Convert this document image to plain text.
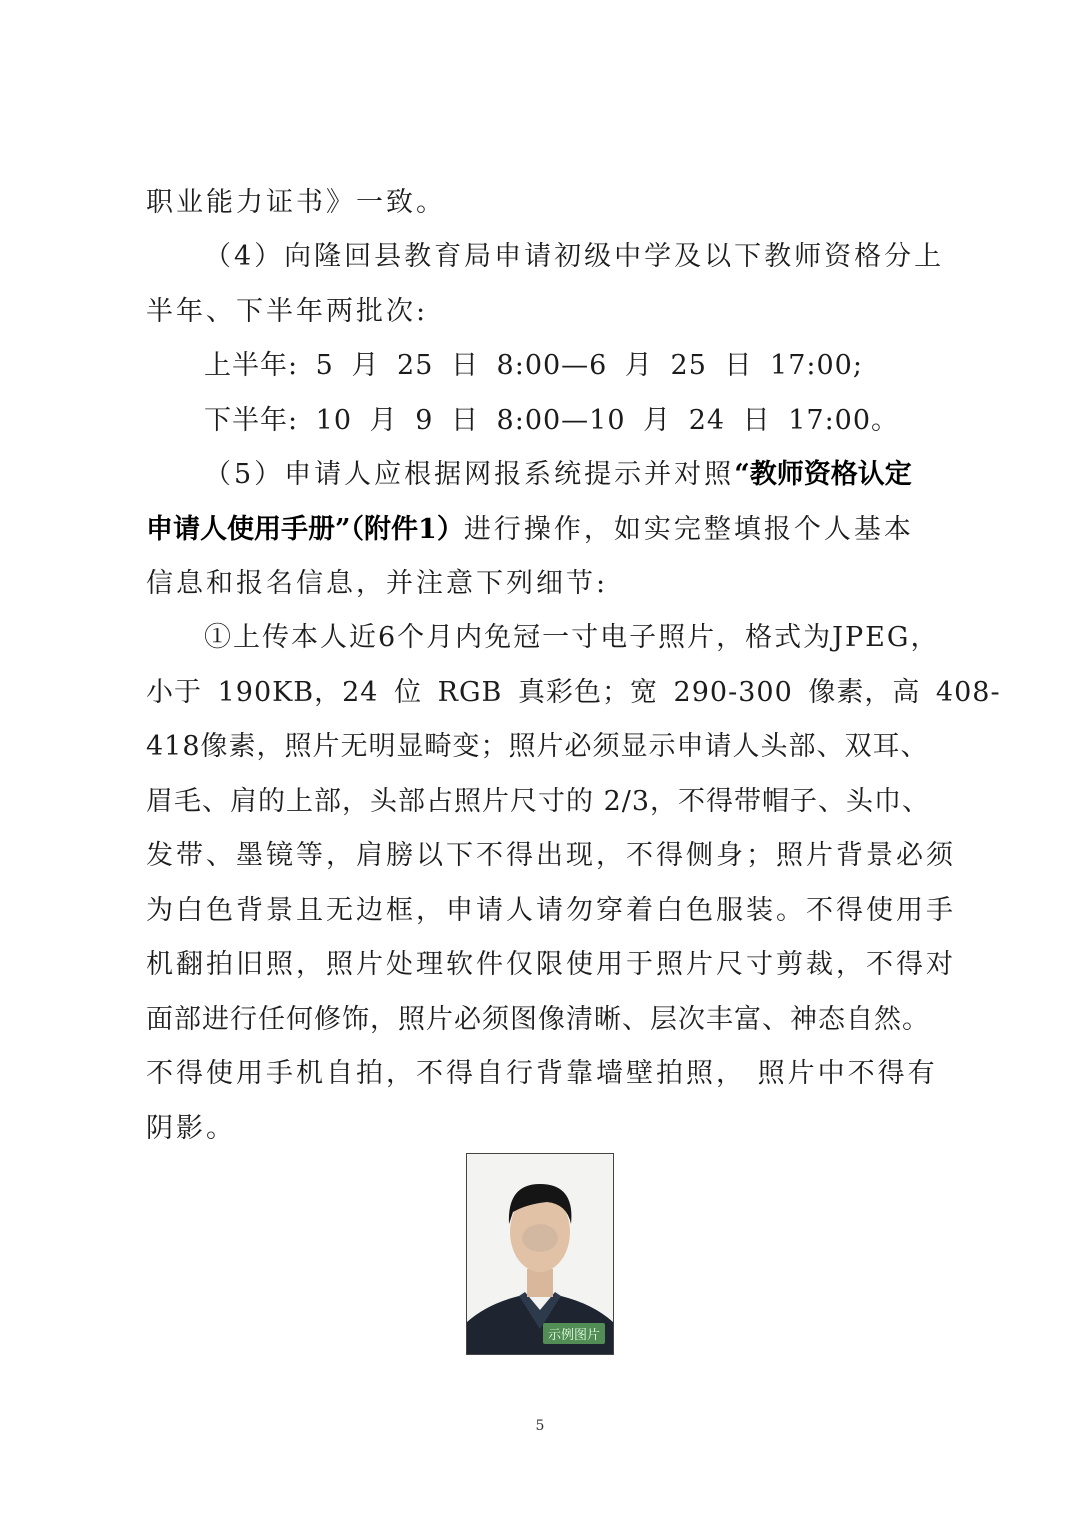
职业能力证书》一致。

（4）向隆回县教育局申请初级中学及以下教师资格分上

半年、下半年两批次:

上半年: 5 月 25 日 8:00—6 月 25 日 17:00;

下半年: 10 月 9 日 8:00—10 月 24 日 17:00。

（5）申请人应根据网报系统提示并对照“教师资格认定

申请人使用手册”（附件1）进行操作，如实完整填报个人基本

信息和报名信息，并注意下列细节:

①上传本人近6个月内免冠一寸电子照片，格式为JPEG，

小于 190KB，24 位 RGB 真彩色；宽 290-300 像素，高 408-

418像素，照片无明显畸变；照片必须显示申请人头部、双耳、

眉毛、肩的上部，头部占照片尺寸的 2/3，不得带帽子、头巾、

发带、墨镜等，肩膀以下不得出现，不得侧身；照片背景必须

为白色背景且无边框，申请人请勿穿着白色服装。不得使用手

机翻拍旧照，照片处理软件仅限使用于照片尺寸剪裁，不得对

面部进行任何修饰，照片必须图像清晰、层次丰富、神态自然。

不得使用手机自拍，不得自行背靠墙壁拍照， 照片中不得有

阴影。

示例图片
5
